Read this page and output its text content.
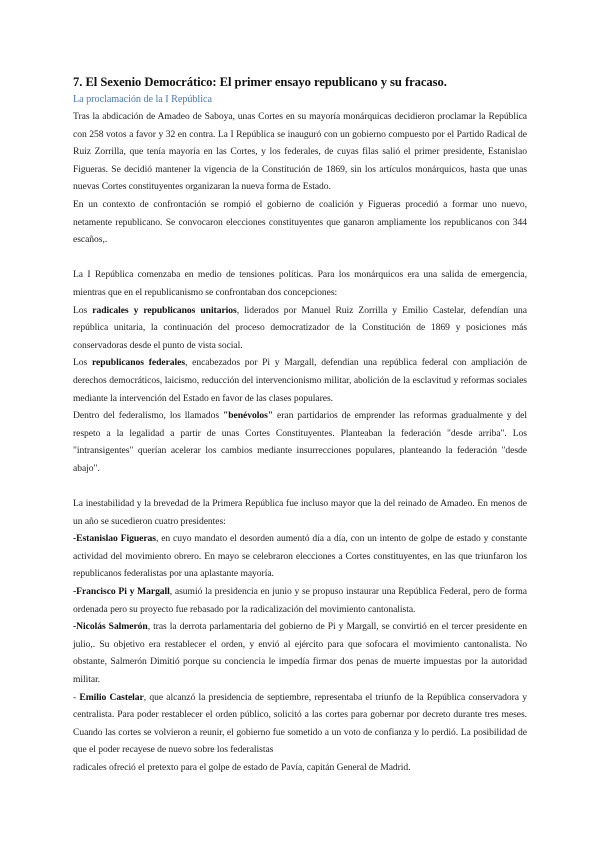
7. El Sexenio Democrático: El primer ensayo republicano y su fracaso.
La proclamación de la I República

Tras la abdicación de Amadeo de Saboya, unas Cortes en su mayoría monárquicas decidieron proclamar la República con 258 votos a favor y 32 en contra. La I República se inauguró con un gobierno compuesto por el Partido Radical de Ruiz Zorrilla, que tenía mayoría en las Cortes, y los federales, de cuyas filas salió el primer presidente, Estanislao Figueras. Se decidió mantener la vigencia de la Constitución de 1869, sin los artículos monárquicos, hasta que unas nuevas Cortes constituyentes organizaran la nueva forma de Estado.

En un contexto de confrontación se rompió el gobierno de coalición y Figueras procedió a formar uno nuevo, netamente republicano. Se convocaron elecciones constituyentes que ganaron ampliamente los republicanos con 344 escaños,.

La I República comenzaba en medio de tensiones políticas. Para los monárquicos era una salida de emergencia, mientras que en el republicanismo se confrontaban dos concepciones:

Los radicales y republicanos unitarios, liderados por Manuel Ruiz Zorrilla y Emilio Castelar, defendían una república unitaria, la continuación del proceso democratizador de la Constitución de 1869 y posiciones más conservadoras desde el punto de vista social.

Los republicanos federales, encabezados por Pi y Margall, defendían una república federal con ampliación de derechos democráticos, laicismo, reducción del intervencionismo militar, abolición de la esclavitud y reformas sociales mediante la intervención del Estado en favor de las clases populares.

Dentro del federalismo, los llamados "benévolos" eran partidarios de emprender las reformas gradualmente y del respeto a la legalidad a partir de unas Cortes Constituyentes. Planteaban la federación "desde arriba". Los "intransigentes" querían acelerar los cambios mediante insurrecciones populares, planteando la federación "desde abajo".

La inestabilidad y la brevedad de la Primera República fue incluso mayor que la del reinado de Amadeo. En menos de un año se sucedieron cuatro presidentes:

-Estanislao Figueras, en cuyo mandato el desorden aumentó día a día, con un intento de golpe de estado y constante actividad del movimiento obrero. En mayo se celebraron elecciones a Cortes constituyentes, en las que triunfaron los republicanos federalistas por una aplastante mayoría.

-Francisco Pi y Margall, asumió la presidencia en junio y se propuso instaurar una República Federal, pero de forma ordenada pero su proyecto fue rebasado por la radicalización del movimiento cantonalista.

-Nicolás Salmerón, tras la derrota parlamentaria del gobierno de Pi y Margall, se convirtió en el tercer presidente en julio,. Su objetivo era restablecer el orden, y envió al ejército para que sofocara el movimiento cantonalista. No obstante, Salmerón Dimitió porque su conciencia le impedía firmar dos penas de muerte impuestas por la autoridad militar.

- Emilio Castelar, que alcanzó la presidencia de septiembre, representaba el triunfo de la República conservadora y centralista. Para poder restablecer el orden público, solicitó a las cortes para gobernar por decreto durante tres meses. Cuando las cortes se volvieron a reunir, el gobierno fue sometido a un voto de confianza y lo perdió. La posibilidad de que el poder recayese de nuevo sobre los federalistas

radicales ofreció el pretexto para el golpe de estado de Pavía, capitán General de Madrid.
